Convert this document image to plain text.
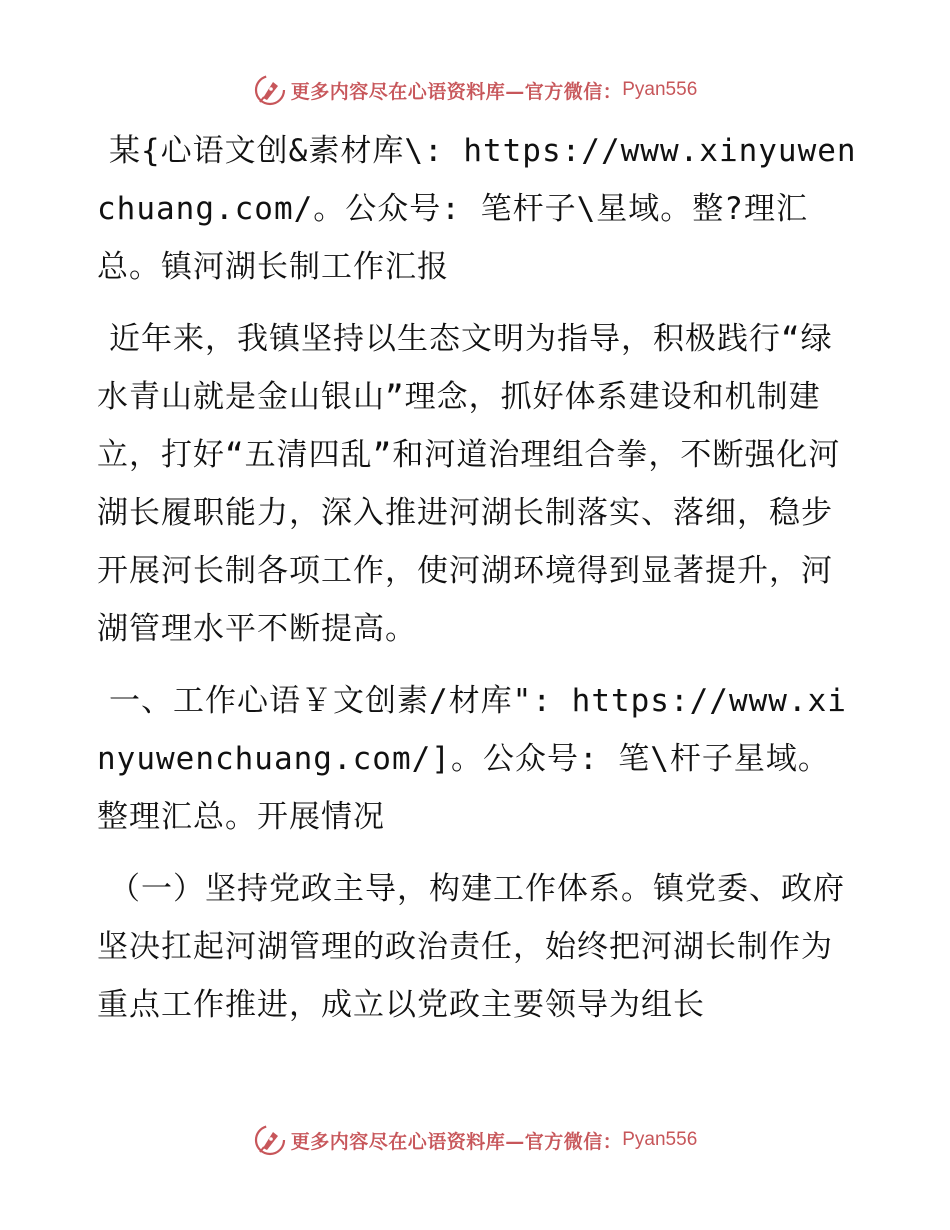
更多内容尽在心语资料库—官方微信： Pyan556

某{心语文创&素材库\: https://www.xinyuwenchuang.com/。公众号: 笔杆子\星域。整?理汇总。镇河湖长制工作汇报

近年来，我镇坚持以生态文明为指导，积极践行“绿水青山就是金山银山”理念，抓好体系建设和机制建立，打好“五清四乱”和河道治理组合拳，不断强化河湖长履职能力，深入推进河湖长制落实、落细，稳步开展河长制各项工作，使河湖环境得到显著提升，河湖管理水平不断提高。

一、工作心语￥文创素/材库": https://www.xinyuwenchuang.com/]。公众号: 笔\杆子星域。整理汇总。开展情况

（一）坚持党政主导，构建工作体系。镇党委、政府坚决扛起河湖管理的政治责任，始终把河湖长制作为重点工作推进，成立以党政主要领导为组长

更多内容尽在心语资料库—官方微信： Pyan556
